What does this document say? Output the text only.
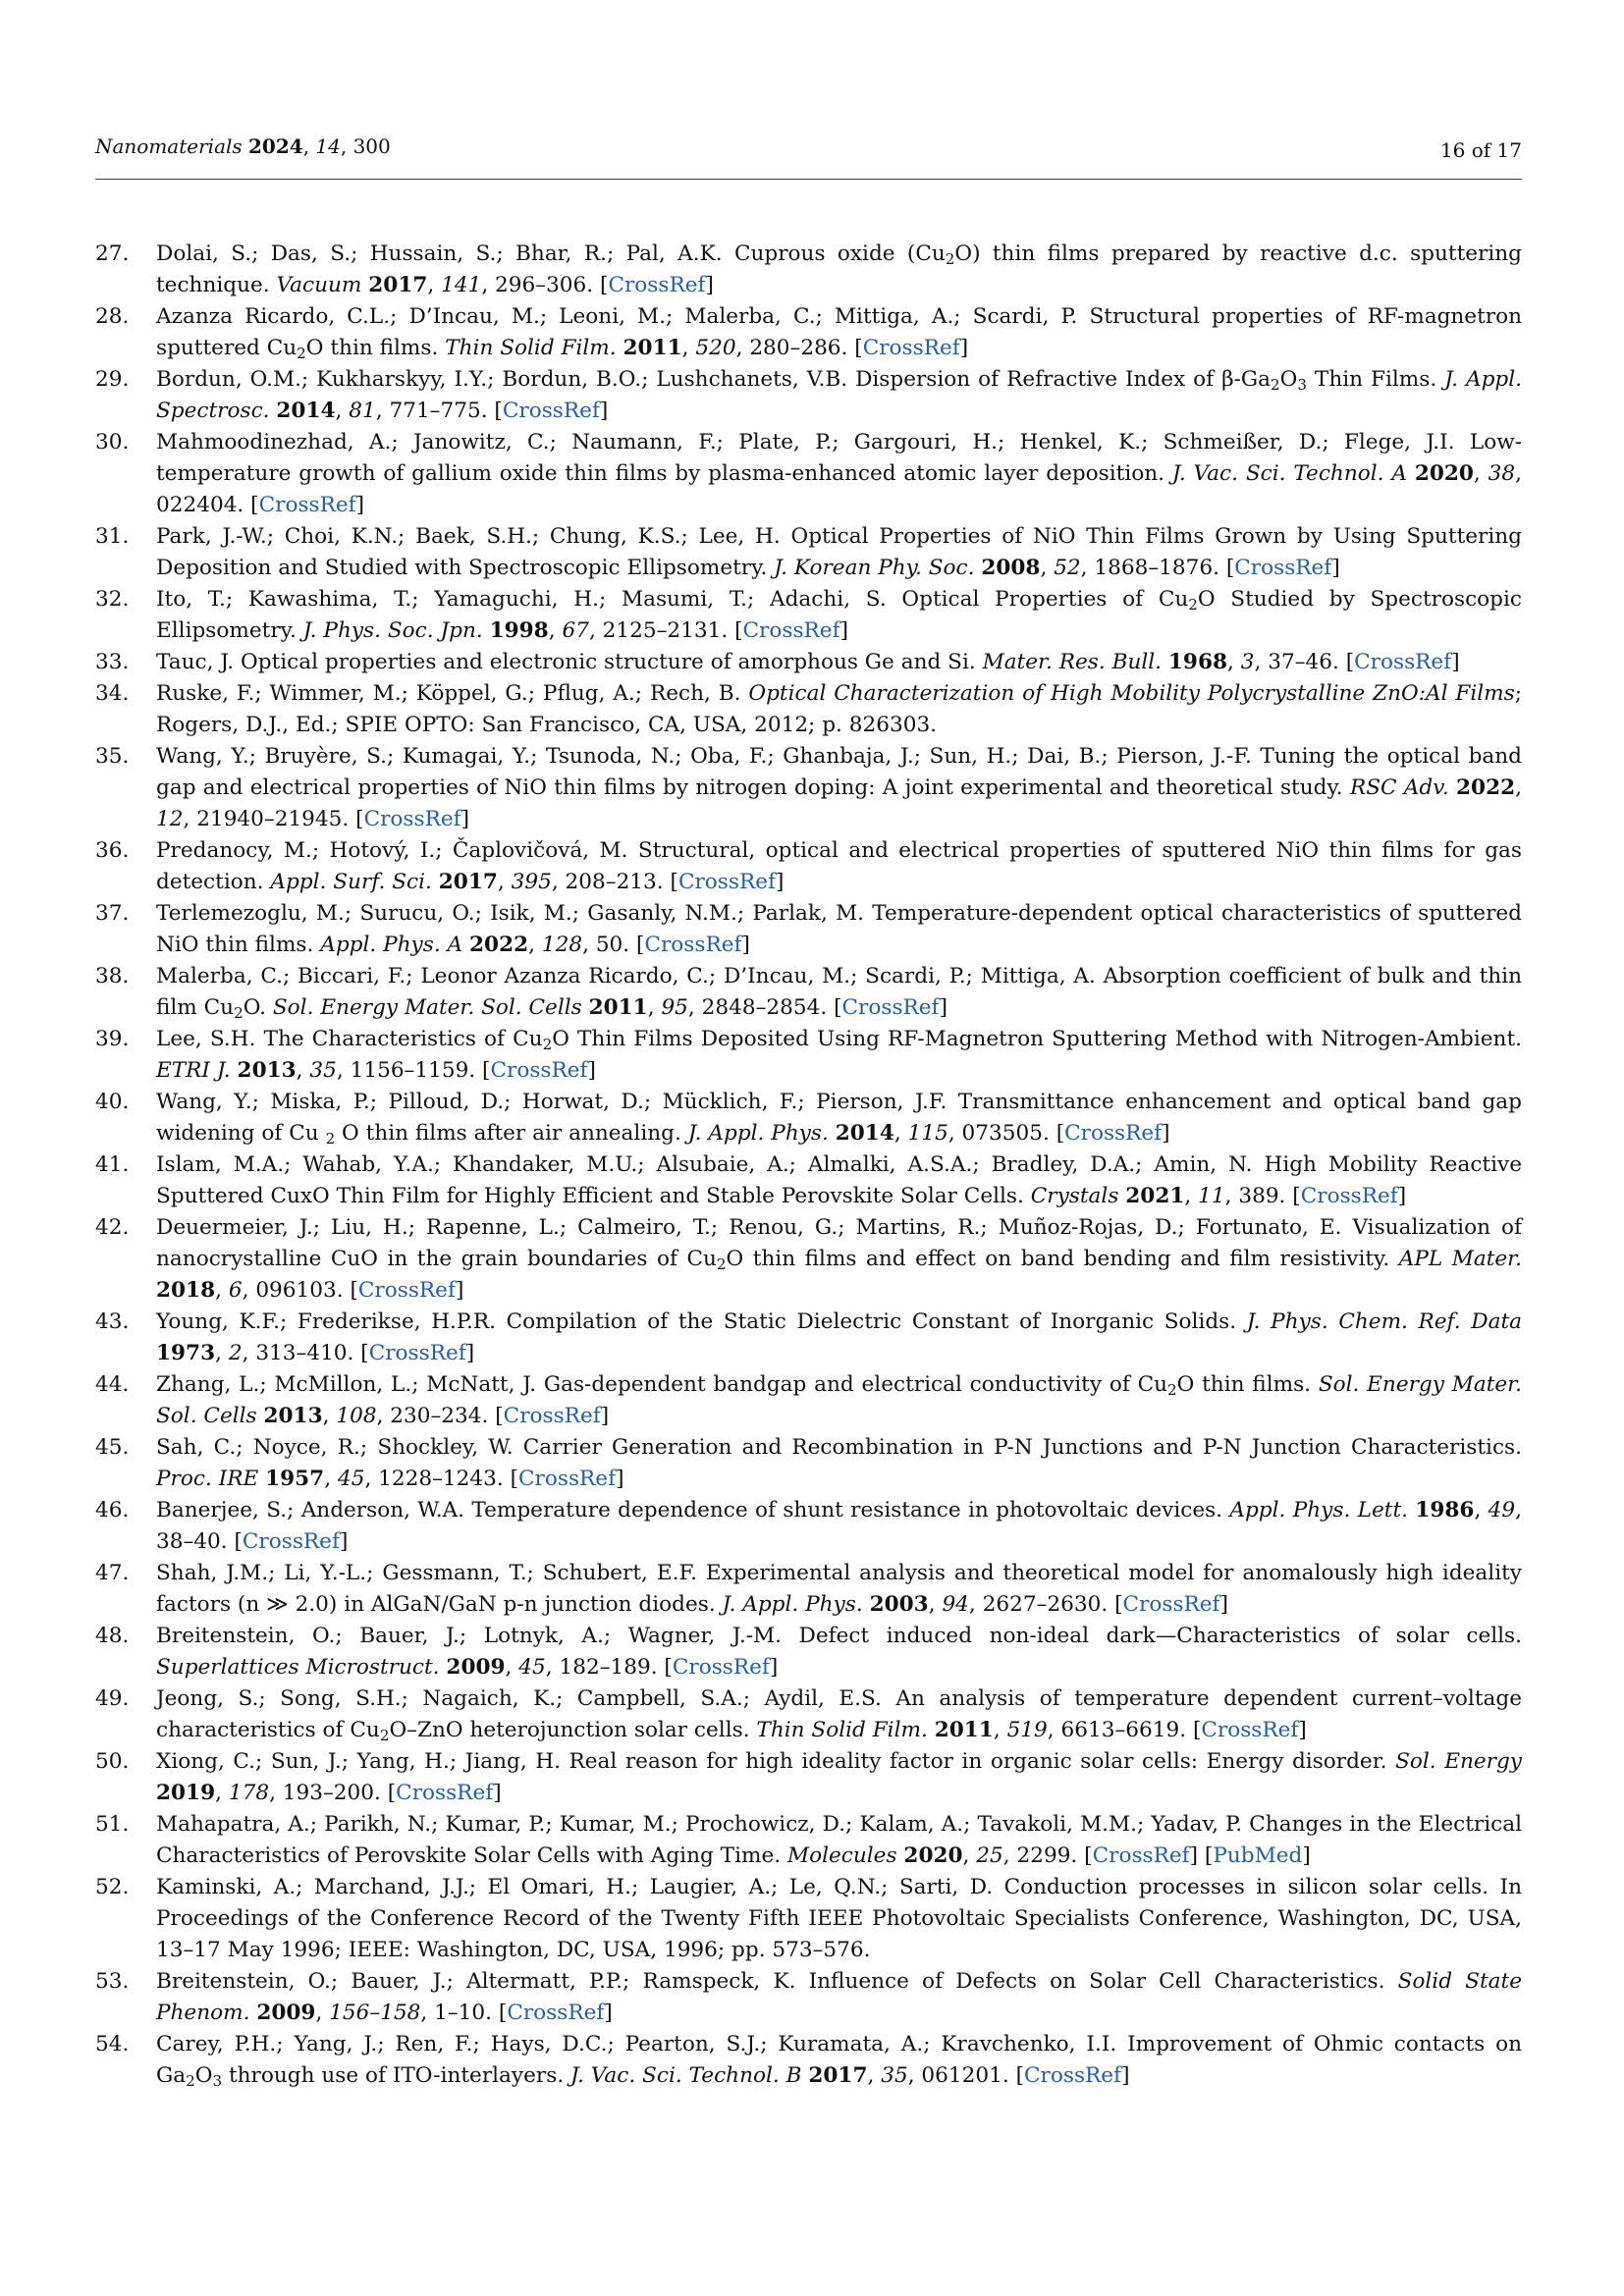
Nanomaterials 2024, 14, 300	16 of 17
27.	Dolai, S.; Das, S.; Hussain, S.; Bhar, R.; Pal, A.K. Cuprous oxide $(Cu_2O)$ thin films prepared by reactive d.c. sputtering technique. Vacuum 2017, 141, 296–306. [CrossRef]
28.	Azanza Ricardo, C.L.; D’Incau, M.; Leoni, M.; Malerba, C.; Mittiga, A.; Scardi, P. Structural properties of RF-magnetron sputtered $Cu_2O$ thin films. Thin Solid Film. 2011, 520, 280–286. [CrossRef]
29.	Bordun, O.M.; Kukharskyy, I.Y.; Bordun, B.O.; Lushchanets, V.B. Dispersion of Refractive Index of $\beta-Ga_2O_3$ Thin Films. J. Appl. Spectrosc. 2014, 81, 771–775. [CrossRef]
30.	Mahmoodinezhad, A.; Janowitz, C.; Naumann, F.; Plate, P.; Gargouri, H.; Henkel, K.; Schmeißer, D.; Flege, J.I. Low-temperature growth of gallium oxide thin films by plasma-enhanced atomic layer deposition. J. Vac. Sci. Technol. A 2020, 38, 022404. [CrossRef]
31.	Park, J.-W.; Choi, K.N.; Baek, S.H.; Chung, K.S.; Lee, H. Optical Properties of NiO Thin Films Grown by Using Sputtering Deposition and Studied with Spectroscopic Ellipsometry. J. Korean Phy. Soc. 2008, 52, 1868–1876. [CrossRef]
32.	Ito, T.; Kawashima, T.; Yamaguchi, H.; Masumi, T.; Adachi, S. Optical Properties of $Cu_2O$ Studied by Spectroscopic Ellipsometry. J. Phys. Soc. Jpn. 1998, 67, 2125–2131. [CrossRef]
33.	Tauc, J. Optical properties and electronic structure of amorphous Ge and Si. Mater. Res. Bull. 1968, 3, 37–46. [CrossRef]
34.	Ruske, F.; Wimmer, M.; Köppel, G.; Pflug, A.; Rech, B. Optical Characterization of High Mobility Polycrystalline ZnO:Al Films; Rogers, D.J., Ed.; SPIE OPTO: San Francisco, CA, USA, 2012; p. 826303.
35.	Wang, Y.; Bruyère, S.; Kumagai, Y.; Tsunoda, N.; Oba, F.; Ghanbaja, J.; Sun, H.; Dai, B.; Pierson, J.-F. Tuning the optical band gap and electrical properties of NiO thin films by nitrogen doping: A joint experimental and theoretical study. RSC Adv. 2022, 12, 21940–21945. [CrossRef]
36.	Predanocy, M.; Hotový, I.; Čaplovičová, M. Structural, optical and electrical properties of sputtered NiO thin films for gas detection. Appl. Surf. Sci. 2017, 395, 208–213. [CrossRef]
37.	Terlemezoglu, M.; Surucu, O.; Isik, M.; Gasanly, N.M.; Parlak, M. Temperature-dependent optical characteristics of sputtered NiO thin films. Appl. Phys. A 2022, 128, 50. [CrossRef]
38.	Malerba, C.; Biccari, F.; Leonor Azanza Ricardo, C.; D’Incau, M.; Scardi, P.; Mittiga, A. Absorption coefficient of bulk and thin film $Cu_2O$. Sol. Energy Mater. Sol. Cells 2011, 95, 2848–2854. [CrossRef]
39.	Lee, S.H. The Characteristics of $Cu_2O$ Thin Films Deposited Using RF-Magnetron Sputtering Method with Nitrogen-Ambient. ETRI J. 2013, 35, 1156–1159. [CrossRef]
40.	Wang, Y.; Miska, P.; Pilloud, D.; Horwat, D.; Mücklich, F.; Pierson, J.F. Transmittance enhancement and optical band gap widening of Cu $_2$ O thin films after air annealing. J. Appl. Phys. 2014, 115, 073505. [CrossRef]
41.	Islam, M.A.; Wahab, Y.A.; Khandaker, M.U.; Alsubaie, A.; Almalki, A.S.A.; Bradley, D.A.; Amin, N. High Mobility Reactive Sputtered CuxO Thin Film for Highly Efficient and Stable Perovskite Solar Cells. Crystals 2021, 11, 389. [CrossRef]
42.	Deuermeier, J.; Liu, H.; Rapenne, L.; Calmeiro, T.; Renou, G.; Martins, R.; Muñoz-Rojas, D.; Fortunato, E. Visualization of nanocrystalline CuO in the grain boundaries of $Cu_2O$ thin films and effect on band bending and film resistivity. APL Mater. 2018, 6, 096103. [CrossRef]
43.	Young, K.F.; Frederikse, H.P.R. Compilation of the Static Dielectric Constant of Inorganic Solids. J. Phys. Chem. Ref. Data 1973, 2, 313–410. [CrossRef]
44.	Zhang, L.; McMillon, L.; McNatt, J. Gas-dependent bandgap and electrical conductivity of $Cu_2O$ thin films. Sol. Energy Mater. Sol. Cells 2013, 108, 230–234. [CrossRef]
45.	Sah, C.; Noyce, R.; Shockley, W. Carrier Generation and Recombination in P-N Junctions and P-N Junction Characteristics. Proc. IRE 1957, 45, 1228–1243. [CrossRef]
46.	Banerjee, S.; Anderson, W.A. Temperature dependence of shunt resistance in photovoltaic devices. Appl. Phys. Lett. 1986, 49, 38–40. [CrossRef]
47.	Shah, J.M.; Li, Y.-L.; Gessmann, T.; Schubert, E.F. Experimental analysis and theoretical model for anomalously high ideality factors (n ≫ 2.0) in AlGaN/GaN p-n junction diodes. J. Appl. Phys. 2003, 94, 2627–2630. [CrossRef]
48.	Breitenstein, O.; Bauer, J.; Lotnyk, A.; Wagner, J.-M. Defect induced non-ideal dark—Characteristics of solar cells. Superlattices Microstruct. 2009, 45, 182–189. [CrossRef]
49.	Jeong, S.; Song, S.H.; Nagaich, K.; Campbell, S.A.; Aydil, E.S. An analysis of temperature dependent current–voltage characteristics of $Cu_2O$–ZnO heterojunction solar cells. Thin Solid Film. 2011, 519, 6613–6619. [CrossRef]
50.	Xiong, C.; Sun, J.; Yang, H.; Jiang, H. Real reason for high ideality factor in organic solar cells: Energy disorder. Sol. Energy 2019, 178, 193–200. [CrossRef]
51.	Mahapatra, A.; Parikh, N.; Kumar, P.; Kumar, M.; Prochowicz, D.; Kalam, A.; Tavakoli, M.M.; Yadav, P. Changes in the Electrical Characteristics of Perovskite Solar Cells with Aging Time. Molecules 2020, 25, 2299. [CrossRef] [PubMed]
52.	Kaminski, A.; Marchand, J.J.; El Omari, H.; Laugier, A.; Le, Q.N.; Sarti, D. Conduction processes in silicon solar cells. In Proceedings of the Conference Record of the Twenty Fifth IEEE Photovoltaic Specialists Conference, Washington, DC, USA, 13–17 May 1996; IEEE: Washington, DC, USA, 1996; pp. 573–576.
53.	Breitenstein, O.; Bauer, J.; Altermatt, P.P.; Ramspeck, K. Influence of Defects on Solar Cell Characteristics. Solid State Phenom. 2009, 156–158, 1–10. [CrossRef]
54.	Carey, P.H.; Yang, J.; Ren, F.; Hays, D.C.; Pearton, S.J.; Kuramata, A.; Kravchenko, I.I. Improvement of Ohmic contacts on $Ga_2O_3$ through use of ITO-interlayers. J. Vac. Sci. Technol. B 2017, 35, 061201. [CrossRef]
